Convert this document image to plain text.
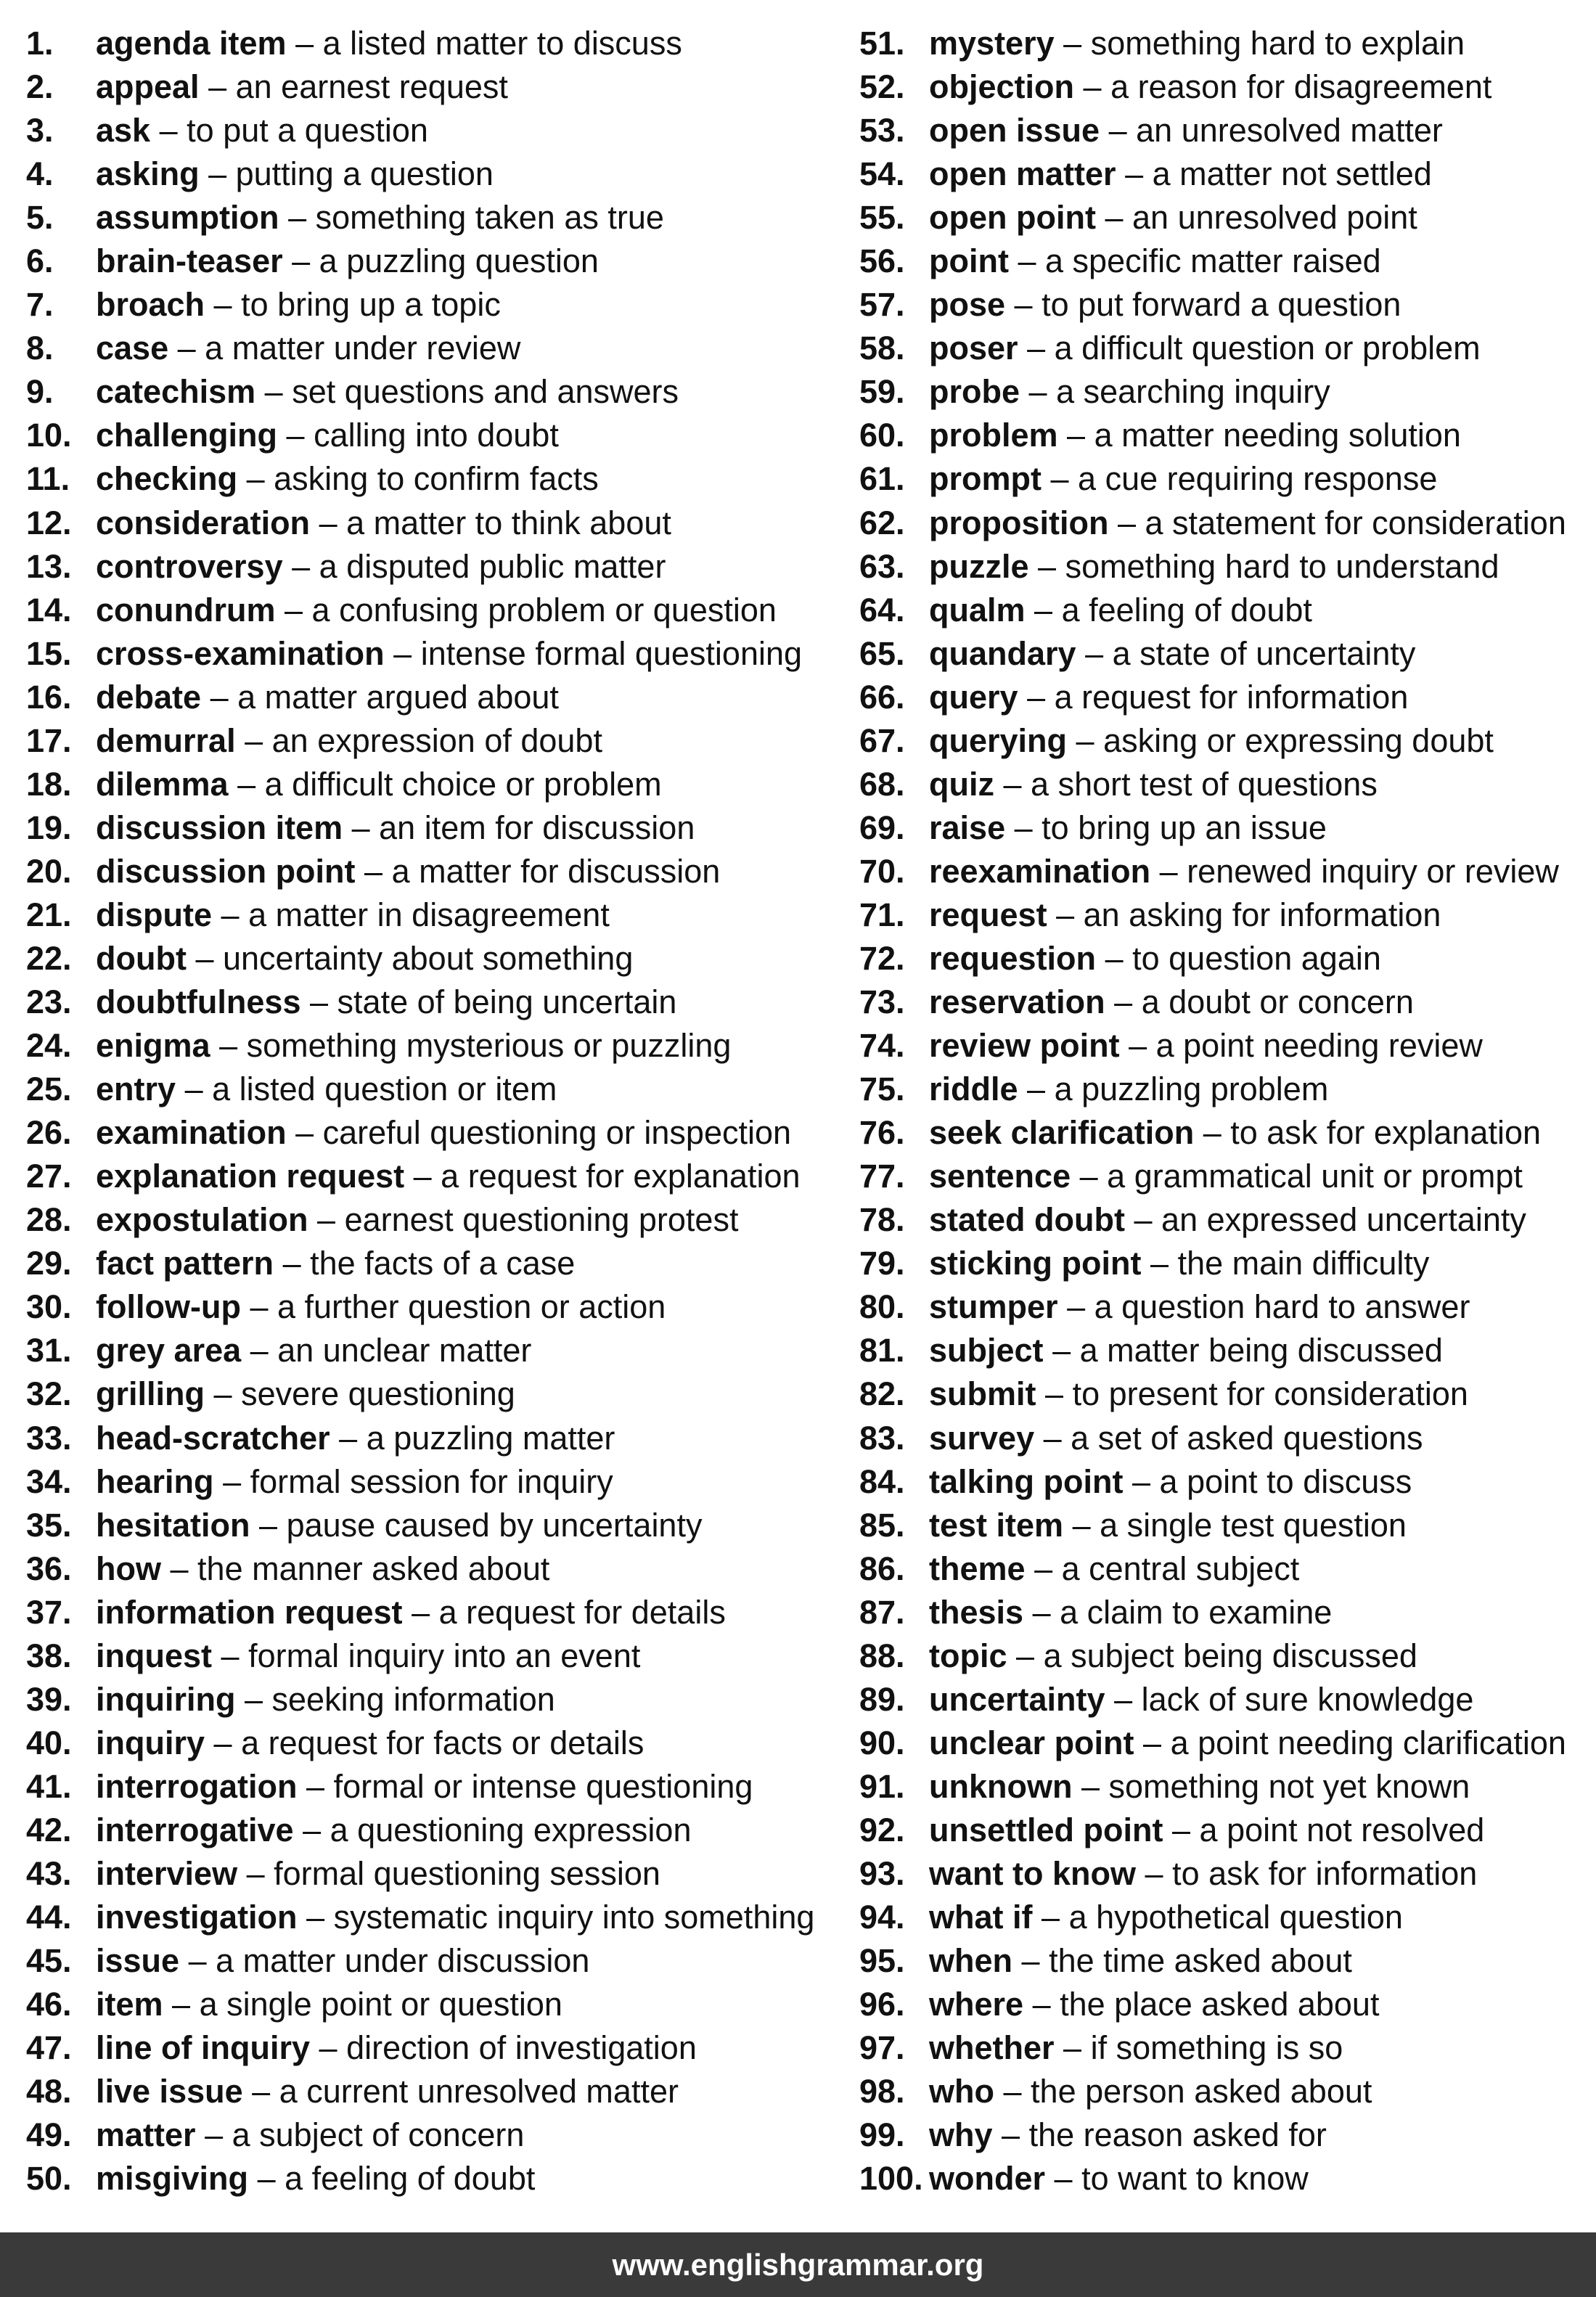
1.	agenda item
–
a listed matter to discuss
2.	appeal
–
an earnest request
3.	ask
–
to put a question
4.	asking
–
putting a question
5.	assumption
–
something taken as true
6.	brain-teaser
–
a puzzling question
7.	broach
–
to bring up a topic
8.	case
–
a matter under review
9.	catechism
–
set questions and answers
10. challenging
–
calling into doubt
11. checking
–
asking to confirm facts
12. consideration
–
a matter to think about
13. controversy
–
a disputed public matter
14. conundrum
–
a confusing problem or question
15. cross-examination
–
intense formal questioning
16. debate
–
a matter argued about
17. demurral
–
an expression of doubt
18. dilemma
–
a difficult choice or problem
19. discussion item
–
an item for discussion
20. discussion point
–
a matter for discussion
21. dispute
–
a matter in disagreement
22. doubt
–
uncertainty about something
23. doubtfulness
–
state of being uncertain
24. enigma
–
something mysterious or puzzling
25. entry
–
a listed question or item
26. examination
–
careful questioning or inspection
27. explanation request
–
a request for explanation
28. expostulation
–
earnest questioning protest
29. fact pattern
–
the facts of a case
30. follow-up
–
a further question or action
31. grey area
–
an unclear matter
32. grilling
–
severe questioning
33. head-scratcher
–
a puzzling matter
34. hearing
–
formal session for inquiry
35. hesitation
–
pause caused by uncertainty
36. how
–
the manner asked about
37. information request
–
a request for details
38. inquest
–
formal inquiry into an event
39. inquiring
–
seeking information
40. inquiry
–
a request for facts or details
41. interrogation
–
formal or intense questioning
42. interrogative
–
a questioning expression
43. interview
–
formal questioning session
44. investigation
–
systematic inquiry into something
45. issue
–
a matter under discussion
46. item
–
a single point or question
47. line of inquiry
–
direction of investigation
48. live issue
–
a current unresolved matter
49. matter
–
a subject of concern
50. misgiving
–
a feeling of doubt
51. mystery
–
something hard to explain
52. objection
–
a reason for disagreement
53. open issue
–
an unresolved matter
54. open matter
–
a matter not settled
55. open point
–
an unresolved point
56. point
–
a specific matter raised
57. pose
–
to put forward a question
58. poser
–
a difficult question or problem
59. probe
–
a searching inquiry
60. problem
–
a matter needing solution
61. prompt
–
a cue requiring response
62. proposition
–
a statement for consideration
63. puzzle
–
something hard to understand
64. qualm
–
a feeling of doubt
65. quandary
–
a state of uncertainty
66. query
–
a request for information
67. querying
–
asking or expressing doubt
68. quiz
–
a short test of questions
69. raise
–
to bring up an issue
70. reexamination
–
renewed inquiry or review
71. request
–
an asking for information
72. requestion
–
to question again
73. reservation
–
a doubt or concern
74. review point
–
a point needing review
75. riddle
–
a puzzling problem
76. seek clarification
–
to ask for explanation
77. sentence
–
a grammatical unit or prompt
78. stated doubt
–
an expressed uncertainty
79. sticking point
–
the main difficulty
80. stumper
–
a question hard to answer
81. subject
–
a matter being discussed
82. submit
–
to present for consideration
83. survey
–
a set of asked questions
84. talking point
–
a point to discuss
85. test item
–
a single test question
86. theme
–
a central subject
87. thesis
–
a claim to examine
88. topic
–
a subject being discussed
89. uncertainty
–
lack of sure knowledge
90. unclear point
–
a point needing clarification
91. unknown
–
something not yet known
92. unsettled point
–
a point not resolved
93. want to know
–
to ask for information
94. what if
–
a hypothetical question
95. when
–
the time asked about
96. where
–
the place asked about
97. whether
–
if something is so
98. who
–
the person asked about
99. why
–
the reason asked for
100. wonder
–
to want to know
www.englishgrammar.org
